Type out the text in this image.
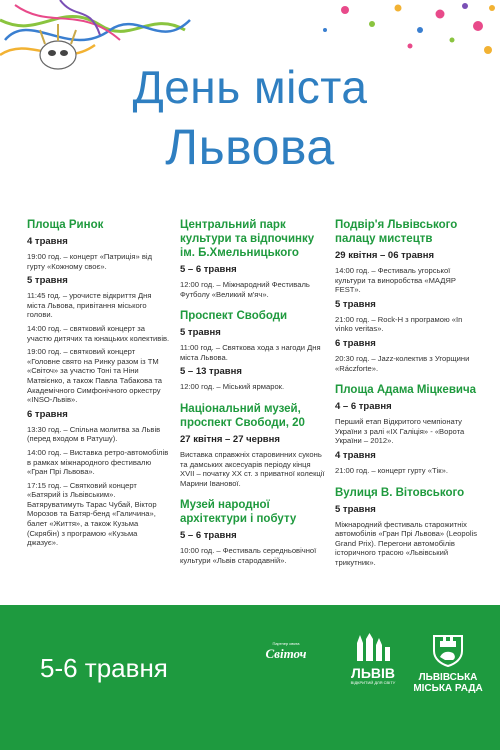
День міста
Львова
Площа Ринок
4 травня
19:00 год. – концерт «Патриція» від гурту «Кожному своє».
5 травня
11:45 год. – урочисте відкриття Дня міста Львова, привітання міського голови.
14:00 год. – святковий концерт за участю дитячих та юнацьких колективів.
19:00 год. – святковий концерт «Головне свято на Ринку разом із ТМ «Світоч» за участю Тоні та Ніни Матвієнко, а також Павла Табакова та Академічного Симфонічного оркестру «INSO-Львів».
6 травня
13:30 год. – Спільна молитва за Львів (перед входом в Ратушу).
14:00 год. – Виставка ретро-автомобілів в рамках міжнародного фестивалю «Гран Прі Львова».
17:15 год. – Святковий концерт «Батярий із Львівським». Батяруватимуть Тарас Чубай, Віктор Морозов та Батяр-бенд «Галичина», балет «Життя», а також Кузьма (Скрябін) з програмою «Кузьма джазує».
Центральний парк культури та відпочинку ім. Б.Хмельницького
5 – 6 травня
12:00 год. – Міжнародний Фестиваль Футболу «Великий м'яч».
Проспект Свободи
5 травня
11:00 год. – Святкова хода з нагоди Дня міста Львова.
5 – 13 травня
12:00 год. – Міський ярмарок.
Національний музей, проспект Свободи, 20
27 квітня – 27 червня
Виставка справжніх старовинних суконь та дамських аксесуарів періоду кінця XVII – початку XX ст. з приватної колекції Марини Іванової.
Музей народної архітектури і побуту
5 – 6 травня
10:00 год. – Фестиваль середньовічної культури «Львів стародавній».
Подвір'я Львівського палацу мистецтв
29 квітня – 06 травня
14:00 год. – Фестиваль угорської культури та виноробства «МАДЯР FEST».
5 травня
21:00 год. – Rock-H з програмою «In vinko veritas».
6 травня
20:30 год. – Jazz-колектив з Угорщини «Ráczforte».
Площа Адама Міцкевича
4 – 6 травня
Перший етап Відкритого чемпіонату України з ралі «IX Галіція» - «Ворота України – 2012».
4 травня
21:00 год. – концерт гурту «Тік».
Вулиця В. Вітовського
5 травня
Міжнародний фестиваль старожитніх автомобілів «Гран Прі Львова» (Leopolis Grand Prix). Перегони автомобілів історичного трасою «Львівський трикутник».
5-6 травня
Партнер свята
Світоч
ЛЬВІВ
ВІДКРИТИЙ ДЛЯ СВІТУ	ЛЬВІВСЬКА
МІСЬКА РАДА
